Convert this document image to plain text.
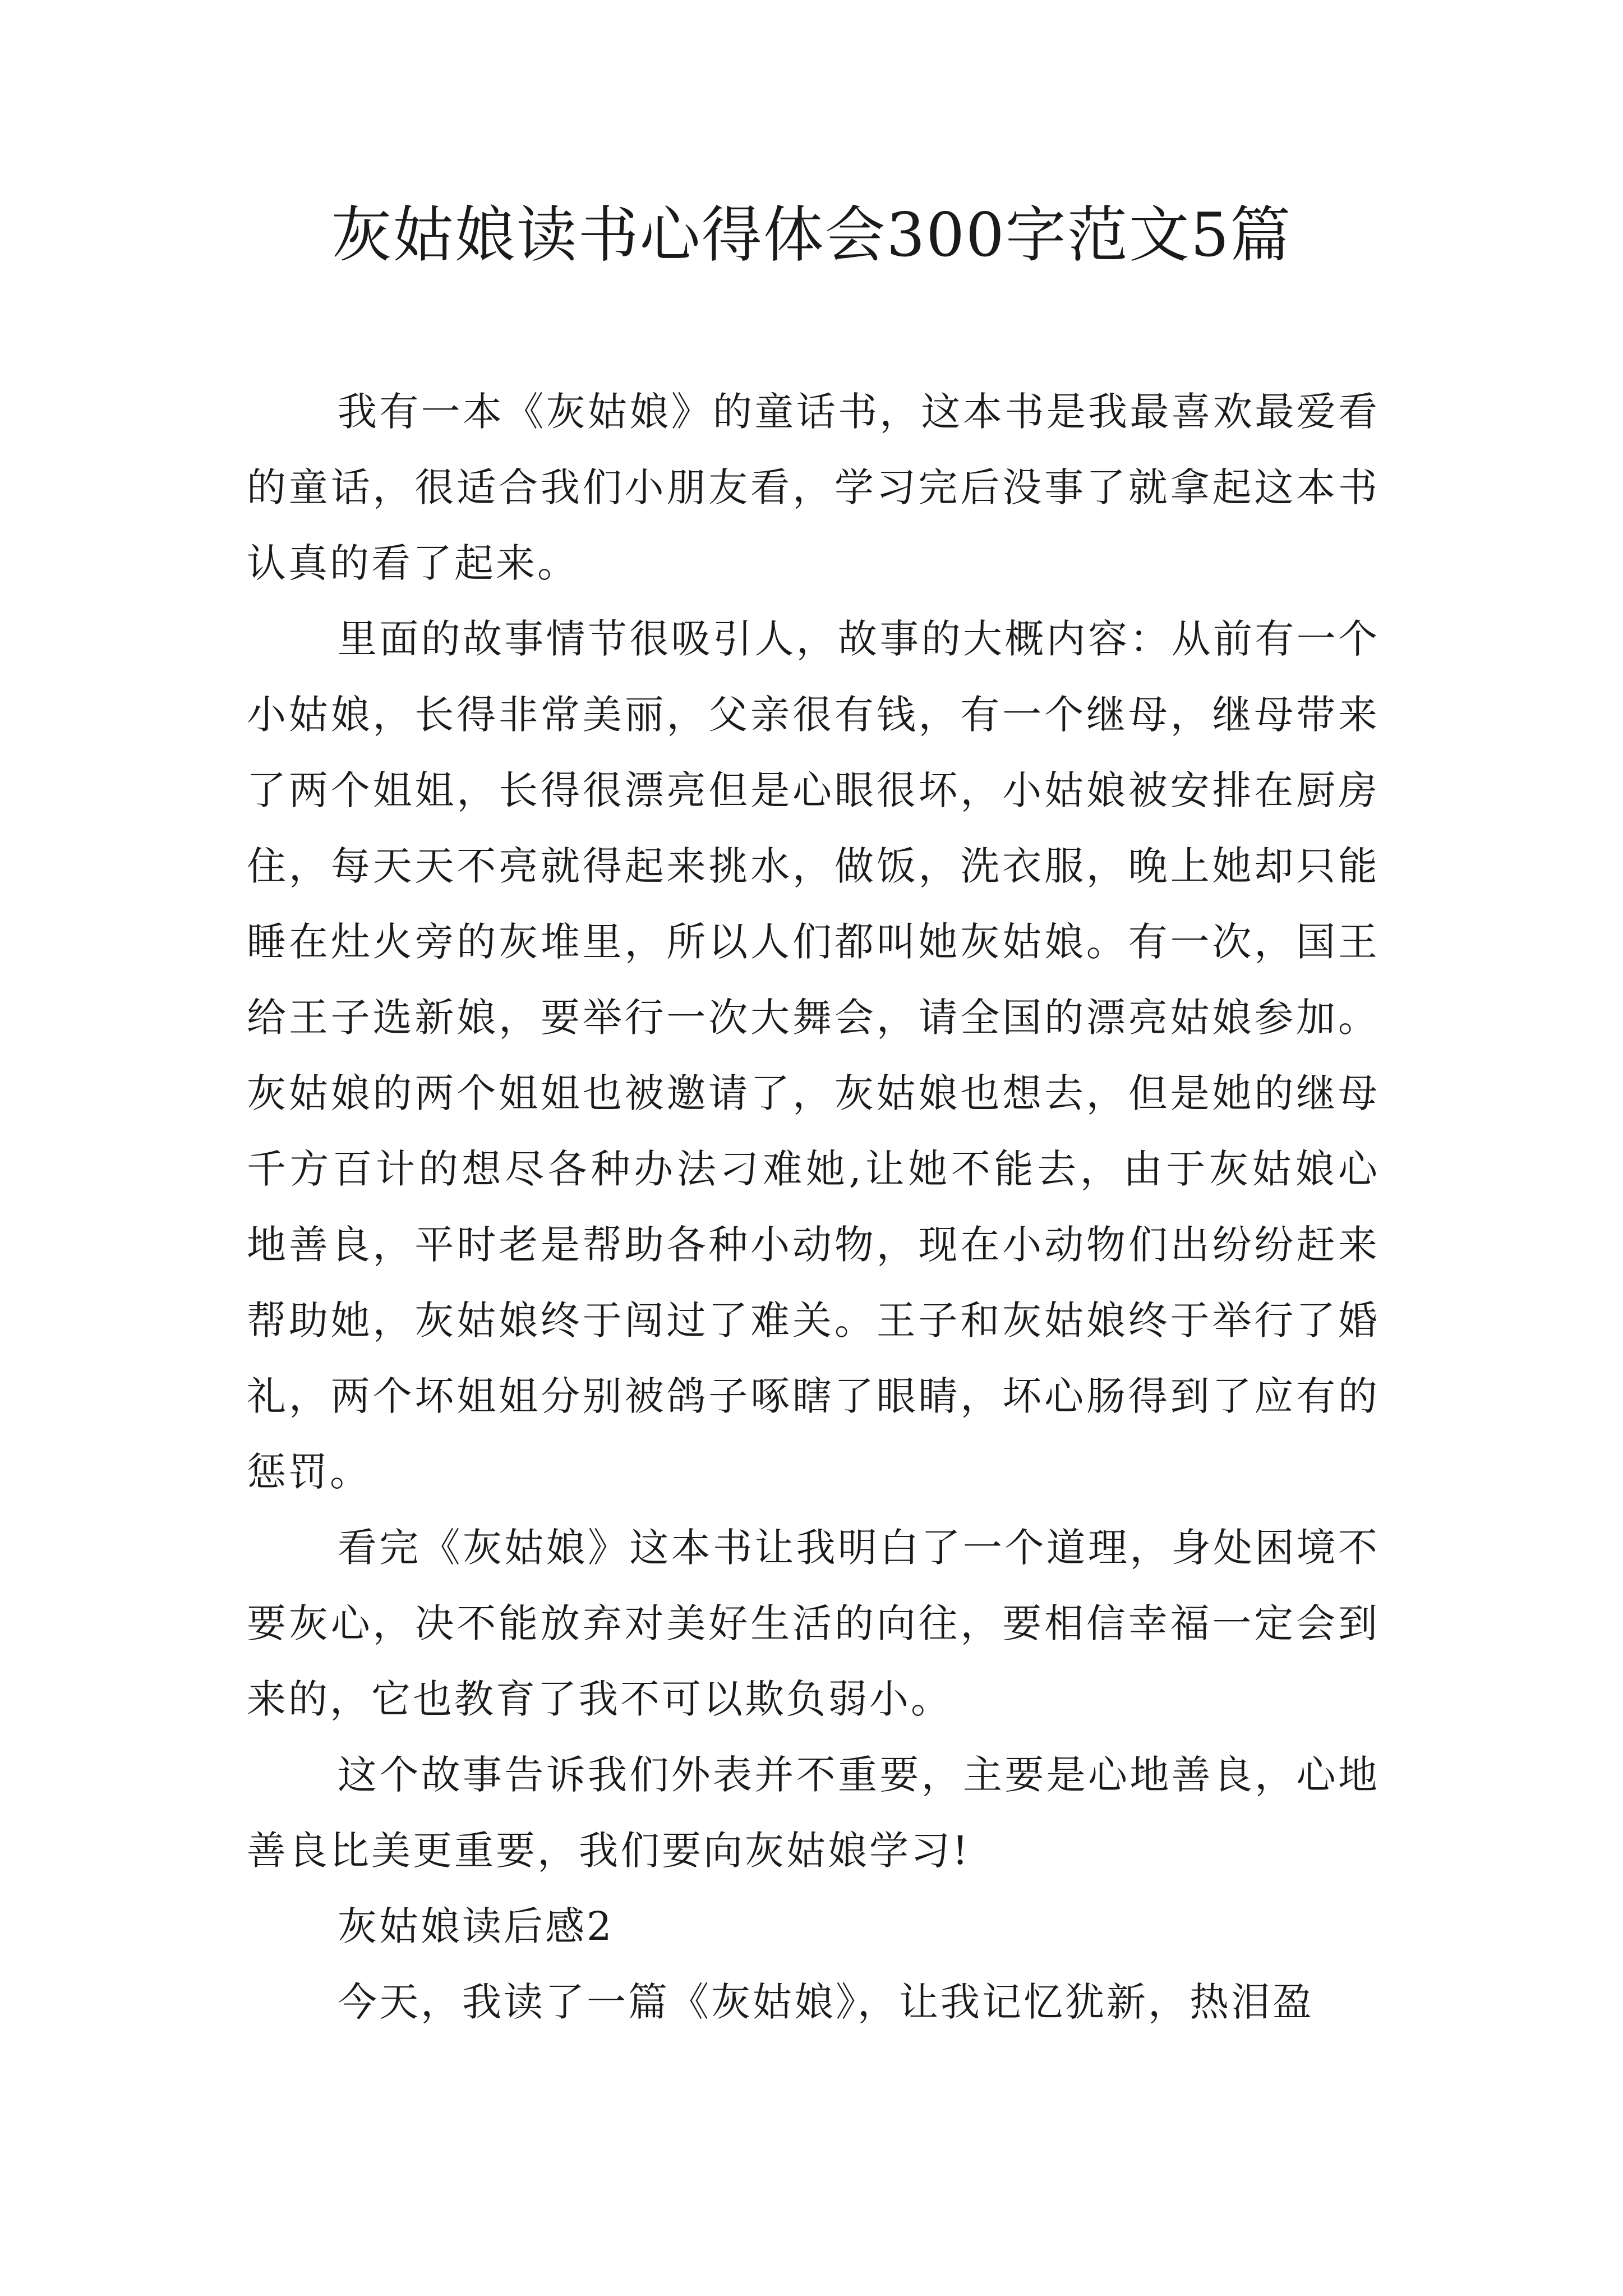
灰姑娘读书心得体会300字范文5篇

我有一本《灰姑娘》的童话书，这本书是我最喜欢最爱看的童话，很适合我们小朋友看，学习完后没事了就拿起这本书认真的看了起来。

里面的故事情节很吸引人，故事的大概内容：从前有一个小姑娘，长得非常美丽，父亲很有钱，有一个继母，继母带来了两个姐姐，长得很漂亮但是心眼很坏，小姑娘被安排在厨房住，每天天不亮就得起来挑水，做饭，洗衣服，晚上她却只能睡在灶火旁的灰堆里，所以人们都叫她灰姑娘。有一次，国王给王子选新娘，要举行一次大舞会，请全国的漂亮姑娘参加。灰姑娘的两个姐姐也被邀请了，灰姑娘也想去，但是她的继母千方百计的想尽各种办法刁难她,让她不能去，由于灰姑娘心地善良，平时老是帮助各种小动物，现在小动物们出纷纷赶来帮助她，灰姑娘终于闯过了难关。王子和灰姑娘终于举行了婚礼，两个坏姐姐分别被鸽子啄瞎了眼睛，坏心肠得到了应有的惩罚。

看完《灰姑娘》这本书让我明白了一个道理，身处困境不要灰心，决不能放弃对美好生活的向往，要相信幸福一定会到来的，它也教育了我不可以欺负弱小。

这个故事告诉我们外表并不重要，主要是心地善良，心地善良比美更重要，我们要向灰姑娘学习!

灰姑娘读后感2

今天，我读了一篇《灰姑娘》，让我记忆犹新，热泪盈
